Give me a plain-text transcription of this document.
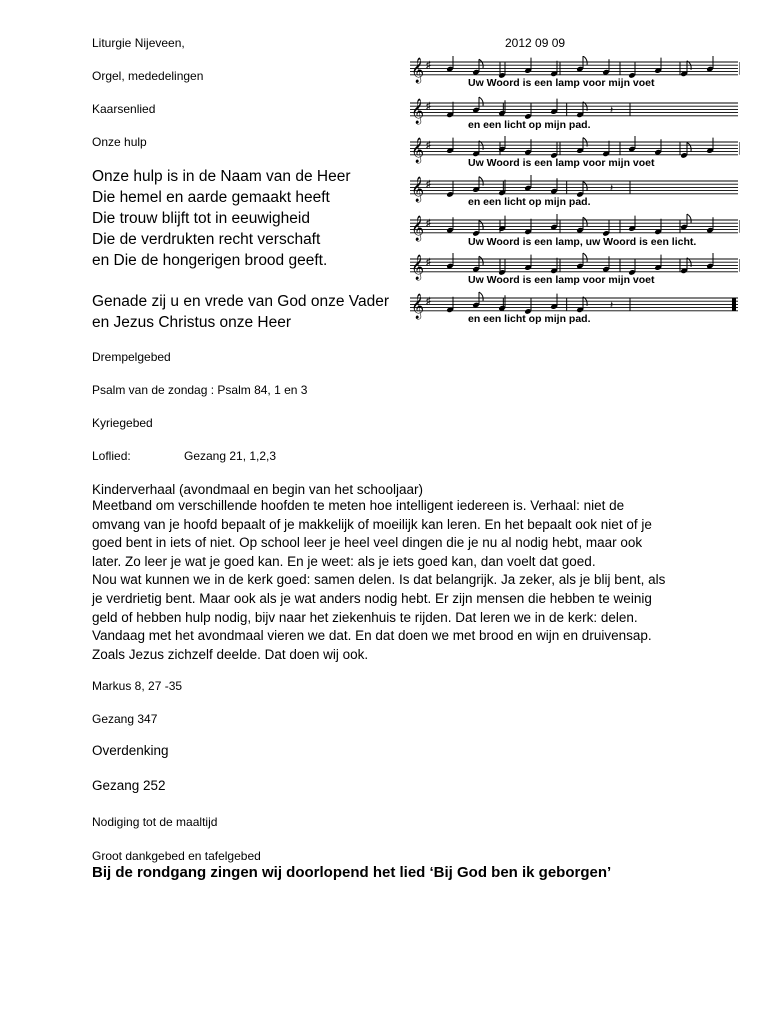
Liturgie Nijeveen,	2012 09 09
Orgel, mededelingen
Kaarsenlied
Onze hulp
Onze hulp is in de Naam van de Heer
Die hemel en aarde gemaakt heeft
Die trouw blijft tot in eeuwigheid
Die de verdrukten recht verschaft
en Die de hongerigen brood geeft.
Genade zij u en vrede van God onze Vader
en Jezus Christus onze Heer
𝄞 ♯
Uw Woord is een lamp voor mijn voet
𝄞 ♯	𝄽
en een licht op mijn pad.
𝄞 ♯
Uw Woord is een lamp voor mijn voet
𝄞 ♯	𝄽
en een licht op mijn pad.
𝄞 ♯
Uw Woord is een lamp, uw Woord is een licht.
𝄞 ♯
Uw Woord is een lamp voor mijn voet
𝄞 ♯	𝄽
en een licht op mijn pad.
Drempelgebed
Psalm van de zondag : Psalm 84, 1 en 3
Kyriegebed
Loflied:	Gezang 21, 1,2,3
Kinderverhaal (avondmaal en begin van het schooljaar)
Meetband om verschillende hoofden te meten hoe intelligent iedereen is. Verhaal: niet de
omvang van je hoofd bepaalt of je makkelijk of moeilijk kan leren. En het bepaalt ook niet of je
goed bent in iets of niet. Op school leer je heel veel dingen die je nu al nodig hebt, maar ook
later. Zo leer je wat je goed kan. En je weet: als je iets goed kan, dan voelt dat goed.
Nou wat kunnen we in de kerk goed: samen delen. Is dat belangrijk. Ja zeker, als je blij bent, als
je verdrietig bent. Maar ook als je wat anders nodig hebt. Er zijn mensen die hebben te weinig
geld of hebben hulp nodig, bijv naar het ziekenhuis te rijden. Dat leren we in de kerk: delen.
Vandaag met het avondmaal vieren we dat. En dat doen we met brood en wijn en druivensap.
Zoals Jezus zichzelf deelde. Dat doen wij ook.
Markus 8, 27 -35
Gezang 347
Overdenking
Gezang 252
Nodiging tot de maaltijd
Groot dankgebed en tafelgebed
Bij de rondgang zingen wij doorlopend het lied ‘Bij God ben ik geborgen’
